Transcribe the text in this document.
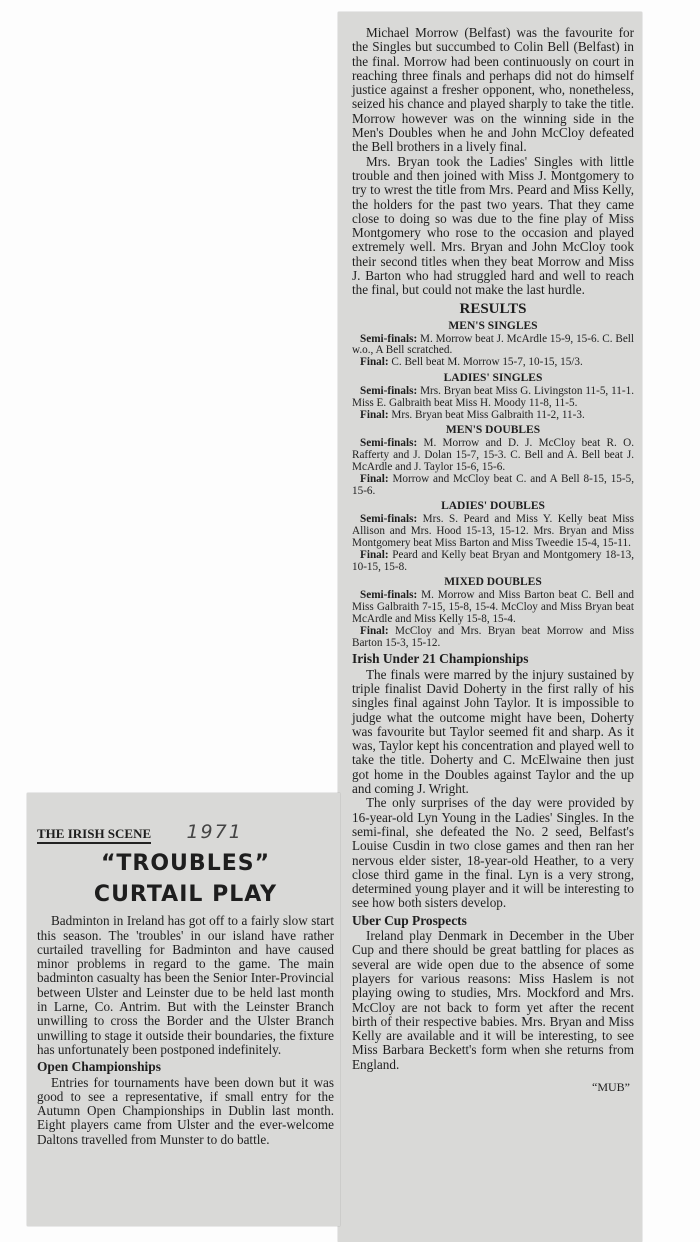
Michael Morrow (Belfast) was the favourite for the Singles but succumbed to Colin Bell (Belfast) in the final. Morrow had been continuously on court in reaching three finals and perhaps did not do himself justice against a fresher opponent, who, nonetheless, seized his chance and played sharply to take the title. Morrow however was on the winning side in the Men's Doubles when he and John McCloy defeated the Bell brothers in a lively final.

Mrs. Bryan took the Ladies' Singles with little trouble and then joined with Miss J. Montgomery to try to wrest the title from Mrs. Peard and Miss Kelly, the holders for the past two years. That they came close to doing so was due to the fine play of Miss Montgomery who rose to the occasion and played extremely well. Mrs. Bryan and John McCloy took their second titles when they beat Morrow and Miss J. Barton who had struggled hard and well to reach the final, but could not make the last hurdle.

RESULTS
MEN'S SINGLES

Semi-finals: M. Morrow beat J. McArdle 15-9, 15-6. C. Bell w.o., A Bell scratched.

Final: C. Bell beat M. Morrow 15-7, 10-15, 15/3.

LADIES' SINGLES

Semi-finals: Mrs. Bryan beat Miss G. Livingston 11-5, 11-1. Miss E. Galbraith beat Miss H. Moody 11-8, 11-5.

Final: Mrs. Bryan beat Miss Galbraith 11-2, 11-3.

MEN'S DOUBLES

Semi-finals: M. Morrow and D. J. McCloy beat R. O. Rafferty and J. Dolan 15-7, 15-3. C. Bell and A. Bell beat J. McArdle and J. Taylor 15-6, 15-6.

Final: Morrow and McCloy beat C. and A Bell 8-15, 15-5, 15-6.

LADIES' DOUBLES

Semi-finals: Mrs. S. Peard and Miss Y. Kelly beat Miss Allison and Mrs. Hood 15-13, 15-12. Mrs. Bryan and Miss Montgomery beat Miss Barton and Miss Tweedie 15-4, 15-11.

Final: Peard and Kelly beat Bryan and Montgomery 18-13, 10-15, 15-8.

MIXED DOUBLES

Semi-finals: M. Morrow and Miss Barton beat C. Bell and Miss Galbraith 7-15, 15-8, 15-4. McCloy and Miss Bryan beat McArdle and Miss Kelly 15-8, 15-4.

Final: McCloy and Mrs. Bryan beat Morrow and Miss Barton 15-3, 15-12.

Irish Under 21 Championships

The finals were marred by the injury sustained by triple finalist David Doherty in the first rally of his singles final against John Taylor. It is impossible to judge what the outcome might have been, Doherty was favourite but Taylor seemed fit and sharp. As it was, Taylor kept his concentration and played well to take the title. Doherty and C. McElwaine then just got home in the Doubles against Taylor and the up and coming J. Wright.

The only surprises of the day were provided by 16-year-old Lyn Young in the Ladies' Singles. In the semi-final, she defeated the No. 2 seed, Belfast's Louise Cusdin in two close games and then ran her nervous elder sister, 18-year-old Heather, to a very close third game in the final. Lyn is a very strong, determined young player and it will be interesting to see how both sisters develop.

Uber Cup Prospects

Ireland play Denmark in December in the Uber Cup and there should be great battling for places as several are wide open due to the absence of some players for various reasons: Miss Haslem is not playing owing to studies, Mrs. Mockford and Mrs. McCloy are not back to form yet after the recent birth of their respective babies. Mrs. Bryan and Miss Kelly are available and it will be interesting, to see Miss Barbara Beckett's form when she returns from England.

“MUB”
THE IRISH SCENE 1971
“TROUBLES”
CURTAIL PLAY

Badminton in Ireland has got off to a fairly slow start this season. The 'troubles' in our island have rather curtailed travelling for Badminton and have caused minor problems in regard to the game. The main badminton casualty has been the Senior Inter-Provincial between Ulster and Leinster due to be held last month in Larne, Co. Antrim. But with the Leinster Branch unwilling to cross the Border and the Ulster Branch unwilling to stage it outside their boundaries, the fixture has unfortunately been postponed indefinitely.

Open Championships

Entries for tournaments have been down but it was good to see a representative, if small entry for the Autumn Open Championships in Dublin last month. Eight players came from Ulster and the ever-welcome Daltons travelled from Munster to do battle.
